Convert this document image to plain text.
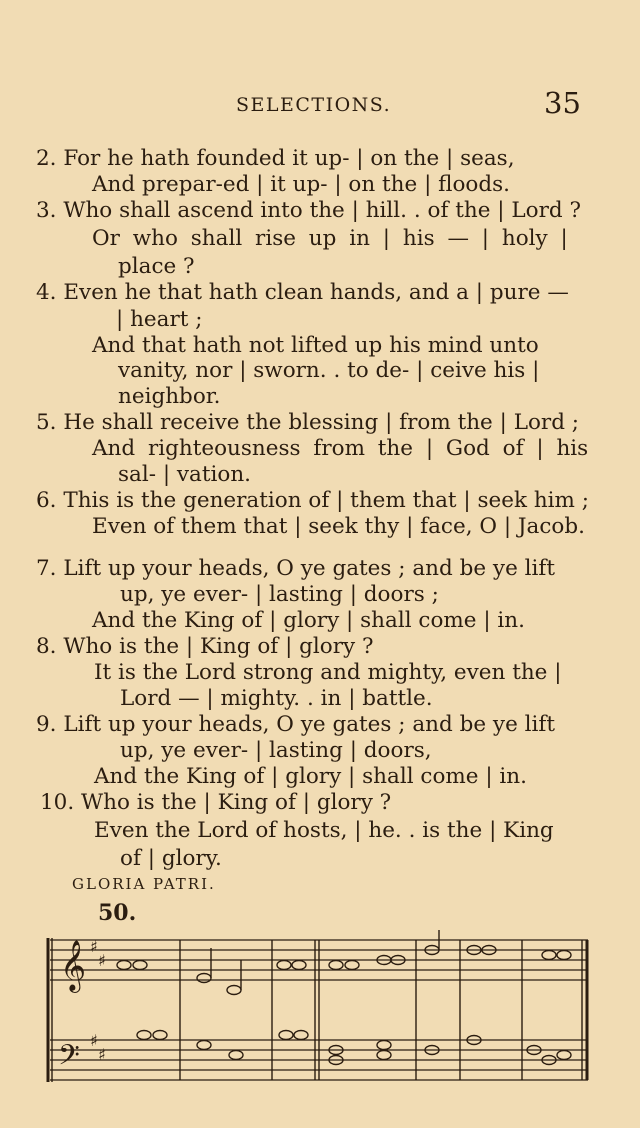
SELECTIONS.	35
2. For he hath founded it up- | on the | seas,
And prepar-ed | it up- | on the | floods.
3. Who shall ascend into the | hill. . of the | Lord ?
Or who shall rise up in | his — | holy |
place ?
4. Even he that hath clean hands, and a | pure —
| heart ;
And that hath not lifted up his mind unto
vanity, nor | sworn. . to de- | ceive his |
neighbor.
5. He shall receive the blessing | from the | Lord ;
And righteousness from the | God of | his
sal- | vation.
6. This is the generation of | them that | seek him ;
Even of them that | seek thy | face, O | Jacob.
7. Lift up your heads, O ye gates ; and be ye lift
up, ye ever- | lasting | doors ;
And the King of | glory | shall come | in.
8. Who is the | King of | glory ?
It is the Lord strong and mighty, even the |
Lord — | mighty. . in | battle.
9. Lift up your heads, O ye gates ; and be ye lift
up, ye ever- | lasting | doors,
And the King of | glory | shall come | in.
10. Who is the | King of | glory ?
Even the Lord of hosts, | he. . is the | King
of | glory.
GLORIA PATRI.
50.
𝄞
𝄢
♯
♯
♯
♯
